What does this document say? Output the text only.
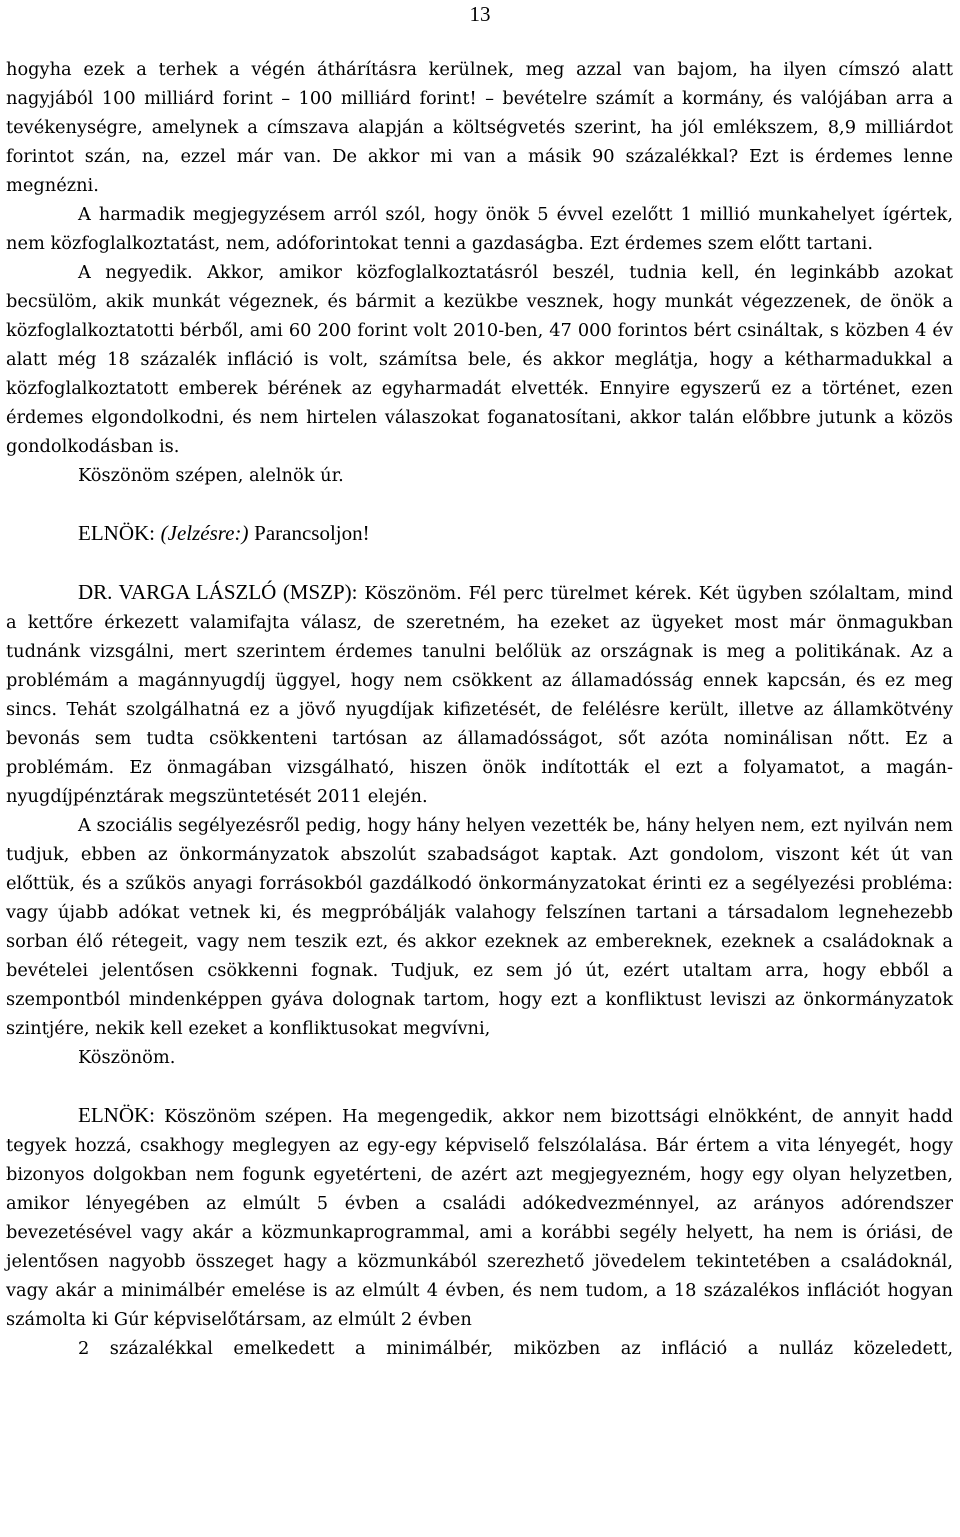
13

hogyha ezek a terhek a végén áthárításra kerülnek, meg azzal van bajom, ha ilyen címszó alatt nagyjából 100 milliárd forint – 100 milliárd forint! – bevételre számít a kormány, és valójában arra a tevékenységre, amelynek a címszava alapján a költségvetés szerint, ha jól emlékszem, 8,9 milliárdot forintot szán, na, ezzel már van. De akkor mi van a másik 90 százalékkal? Ezt is érdemes lenne megnézni.

A harmadik megjegyzésem arról szól, hogy önök 5 évvel ezelőtt 1 millió munkahelyet ígértek, nem közfoglalkoztatást, nem, adóforintokat tenni a gazdaságba. Ezt érdemes szem előtt tartani.

A negyedik. Akkor, amikor közfoglalkoztatásról beszél, tudnia kell, én leginkább azokat becsülöm, akik munkát végeznek, és bármit a kezükbe vesznek, hogy munkát végezzenek, de önök a közfoglalkoztatotti bérből, ami 60 200 forint volt 2010-ben, 47 000 forintos bért csináltak, s közben 4 év alatt még 18 százalék infláció is volt, számítsa bele, és akkor meglátja, hogy a kétharmadukkal a közfoglalkoztatott emberek bérének az egyharmadát elvették. Ennyire egyszerű ez a történet, ezen érdemes elgondolkodni, és nem hirtelen válaszokat foganatosítani, akkor talán előbbre jutunk a közös gondolkodásban is.

Köszönöm szépen, alelnök úr.

ELNÖK: (Jelzésre:) Parancsoljon!

DR. VARGA LÁSZLÓ (MSZP): Köszönöm. Fél perc türelmet kérek. Két ügyben szólaltam, mind a kettőre érkezett valamifajta válasz, de szeretném, ha ezeket az ügyeket most már önmagukban tudnánk vizsgálni, mert szerintem érdemes tanulni belőlük az országnak is meg a politikának. Az a problémám a magánnyugdíj üggyel, hogy nem csökkent az államadósság ennek kapcsán, és ez meg sincs. Tehát szolgálhatná ez a jövő nyugdíjak kifizetését, de felélésre került, illetve az államkötvény bevonás sem tudta csökkenteni tartósan az államadósságot, sőt azóta nominálisan nőtt. Ez a problémám. Ez önmagában vizsgálható, hiszen önök indították el ezt a folyamatot, a magán-nyugdíjpénztárak megszüntetését 2011 elején.

A szociális segélyezésről pedig, hogy hány helyen vezették be, hány helyen nem, ezt nyilván nem tudjuk, ebben az önkormányzatok abszolút szabadságot kaptak. Azt gondolom, viszont két út van előttük, és a szűkös anyagi forrásokból gazdálkodó önkormányzatokat érinti ez a segélyezési probléma: vagy újabb adókat vetnek ki, és megpróbálják valahogy felszínen tartani a társadalom legnehezebb sorban élő rétegeit, vagy nem teszik ezt, és akkor ezeknek az embereknek, ezeknek a családoknak a bevételei jelentősen csökkenni fognak. Tudjuk, ez sem jó út, ezért utaltam arra, hogy ebből a szempontból mindenképpen gyáva dolognak tartom, hogy ezt a konfliktust leviszi az önkormányzatok szintjére, nekik kell ezeket a konfliktusokat megvívni,

Köszönöm.

ELNÖK: Köszönöm szépen. Ha megengedik, akkor nem bizottsági elnökként, de annyit hadd tegyek hozzá, csakhogy meglegyen az egy-egy képviselő felszólalása. Bár értem a vita lényegét, hogy bizonyos dolgokban nem fogunk egyetérteni, de azért azt megjegyezném, hogy egy olyan helyzetben, amikor lényegében az elmúlt 5 évben a családi adókedvezménnyel, az arányos adórendszer bevezetésével vagy akár a közmunkaprogrammal, ami a korábbi segély helyett, ha nem is óriási, de jelentősen nagyobb összeget hagy a közmunkából szerezhető jövedelem tekintetében a családoknál, vagy akár a minimálbér emelése is az elmúlt 4 évben, és nem tudom, a 18 százalékos inflációt hogyan számolta ki Gúr képviselőtársam, az elmúlt 2 évben
2 százalékkal emelkedett a minimálbér, miközben az infláció a nulláz közeledett,
